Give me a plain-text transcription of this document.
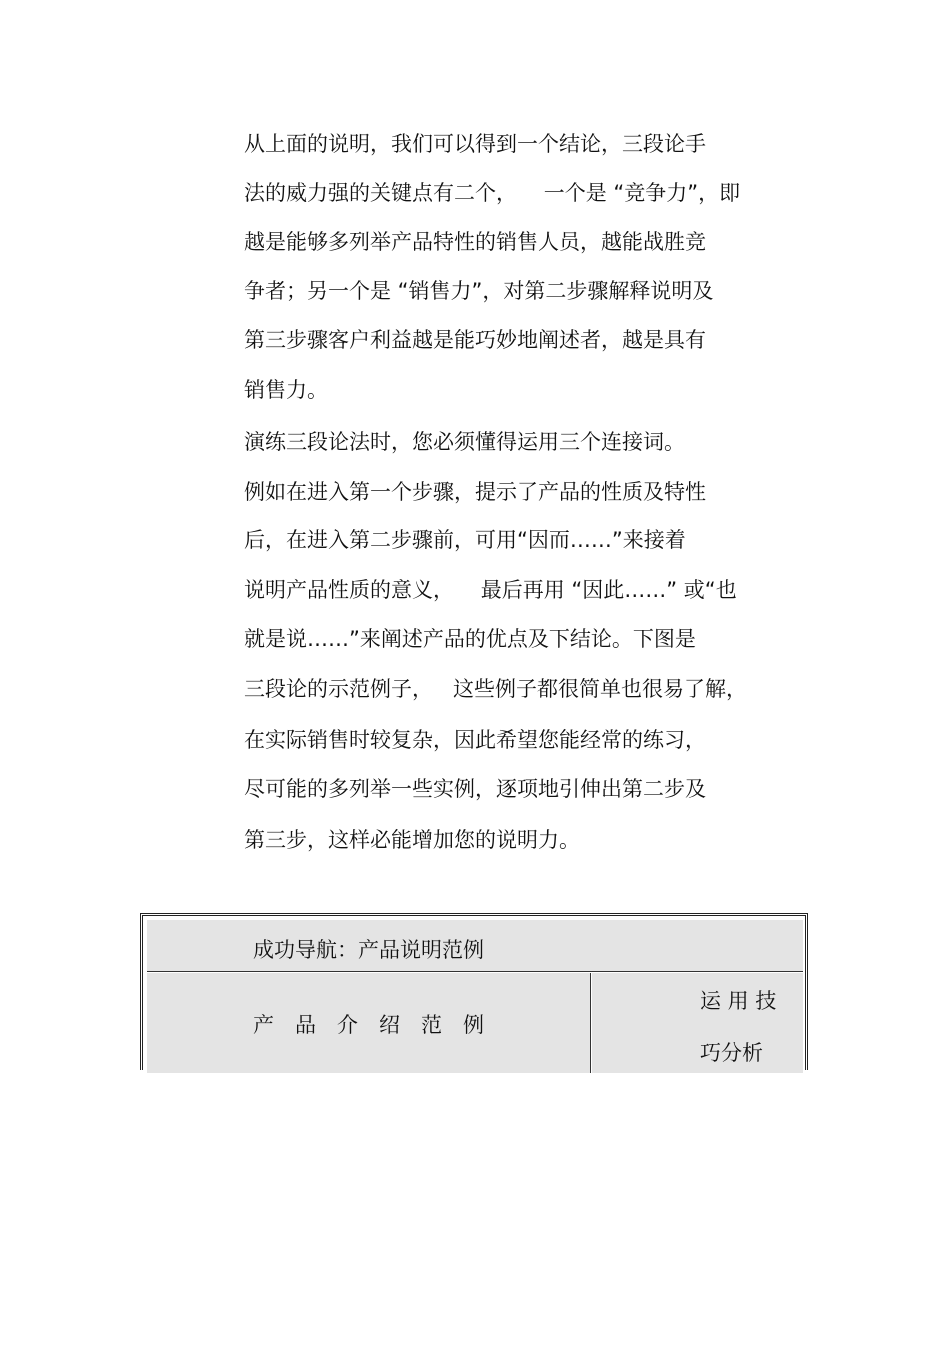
从上面的说明，我们可以得到一个结论，三段论手

法的威力强的关键点有二个，    一个是 “竞争力”，即

越是能够多列举产品特性的销售人员，越能战胜竞

争者；另一个是 “销售力”，对第二步骤解释说明及

第三步骤客户利益越是能巧妙地阐述者，越是具有

销售力。

演练三段论法时，您必须懂得运用三个连接词。

例如在进入第一个步骤，提示了产品的性质及特性

后，在进入第二步骤前，可用“因而……”来接着

说明产品性质的意义，    最后再用 “因此……” 或“也

就是说……”来阐述产品的优点及下结论。下图是

三段论的示范例子，   这些例子都很简单也很易了解，

在实际销售时较复杂，因此希望您能经常的练习，

尽可能的多列举一些实例，逐项地引伸出第二步及

第三步，这样必能增加您的说明力。

成功导航：产品说明范例

产　品　介　绍　范　例

运 用 技

巧分析
